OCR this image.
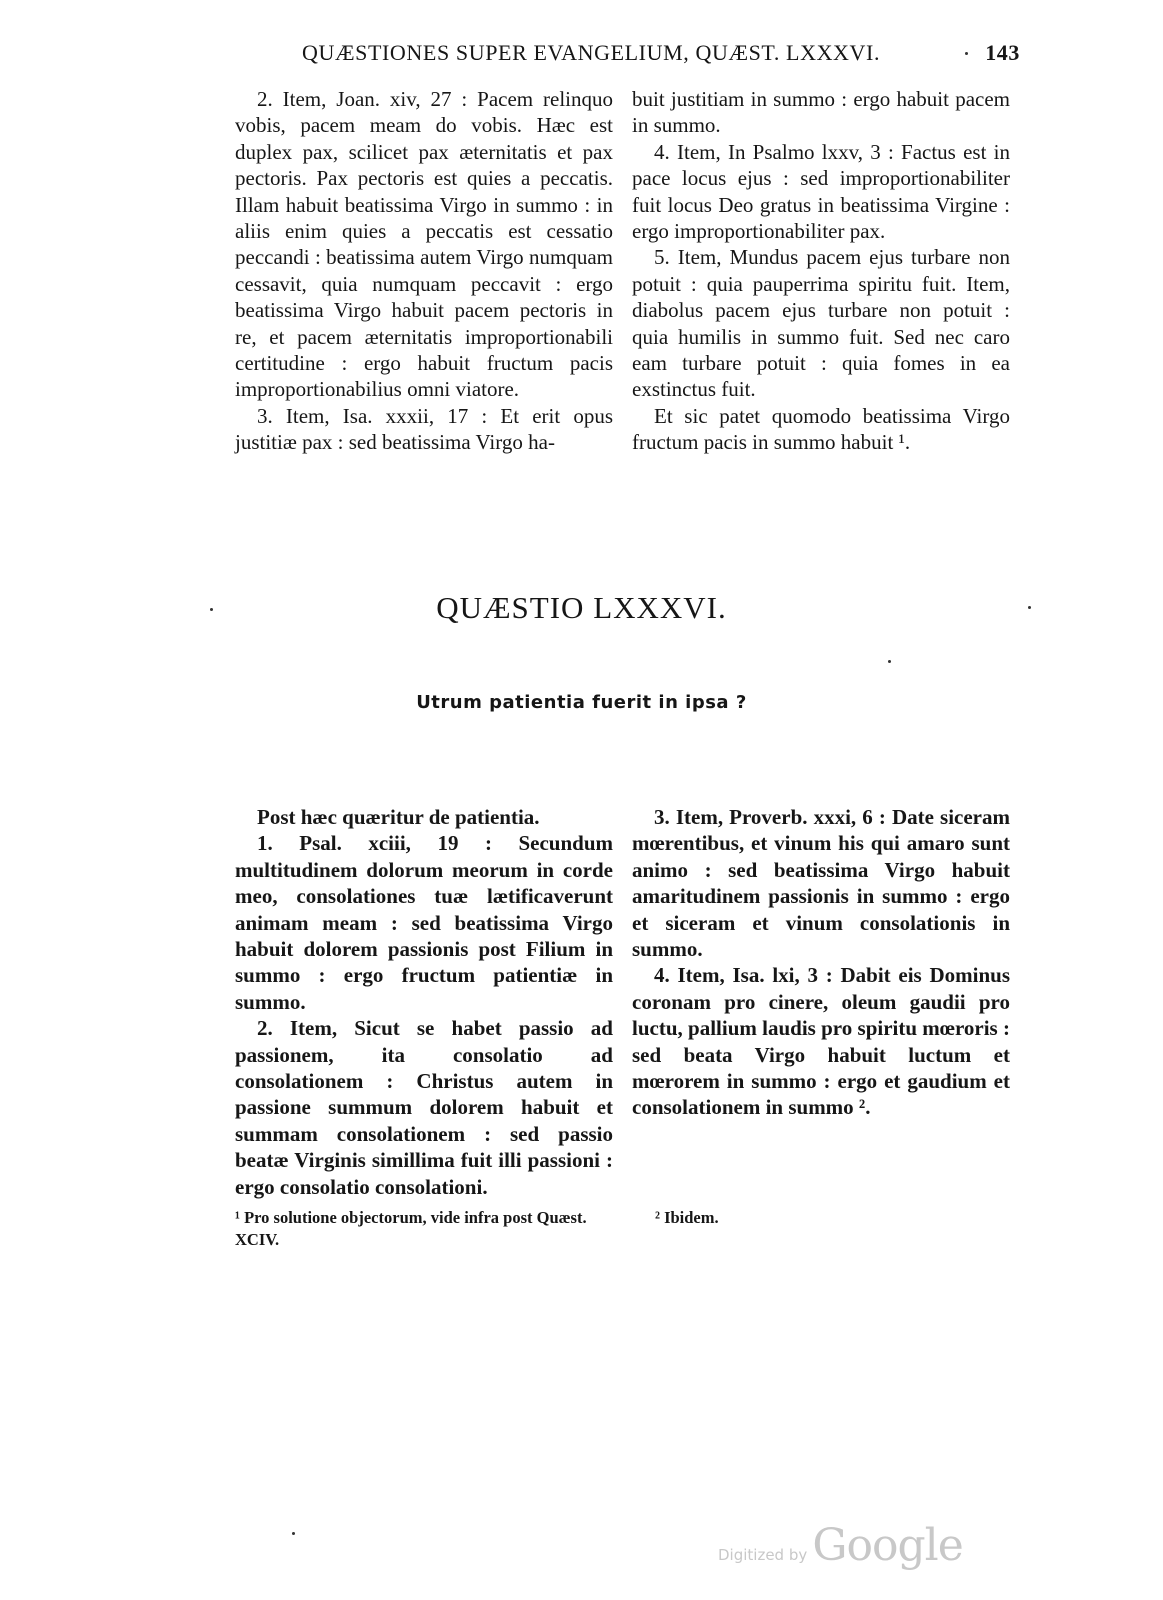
QUÆSTIONES SUPER EVANGELIUM, QUÆST. LXXXVI.	143

2. Item, Joan. xiv, 27 : Pacem relinquo vobis, pacem meam do vobis. Hæc est duplex pax, scilicet pax æternitatis et pax pectoris. Pax pectoris est quies a peccatis. Illam habuit beatissima Virgo in summo : in aliis enim quies a peccatis est cessatio peccandi : beatissima autem Virgo numquam cessavit, quia numquam peccavit : ergo beatissima Virgo habuit pacem pectoris in re, et pacem æternitatis improportionabili certitudine : ergo habuit fructum pacis improportionabilius omni viatore.

3. Item, Isa. xxxii, 17 : Et erit opus justitiæ pax : sed beatissima Virgo ha-

buit justitiam in summo : ergo habuit pacem in summo.

4. Item, In Psalmo lxxv, 3 : Factus est in pace locus ejus : sed improportionabiliter fuit locus Deo gratus in beatissima Virgine : ergo improportionabiliter pax.

5. Item, Mundus pacem ejus turbare non potuit : quia pauperrima spiritu fuit. Item, diabolus pacem ejus turbare non potuit : quia humilis in summo fuit. Sed nec caro eam turbare potuit : quia fomes in ea exstinctus fuit.

Et sic patet quomodo beatissima Virgo fructum pacis in summo habuit ¹.

QUÆSTIO LXXXVI.
Utrum patientia fuerit in ipsa ?

Post hæc quæritur de patientia.

1. Psal. xciii, 19 : Secundum multitudinem dolorum meorum in corde meo, consolationes tuæ lætificaverunt animam meam : sed beatissima Virgo habuit dolorem passionis post Filium in summo : ergo fructum patientiæ in summo.

2. Item, Sicut se habet passio ad passionem, ita consolatio ad consolationem : Christus autem in passione summum dolorem habuit et summam consolationem : sed passio beatæ Virginis simillima fuit illi passioni : ergo consolatio consolationi.

3. Item, Proverb. xxxi, 6 : Date siceram mœrentibus, et vinum his qui amaro sunt animo : sed beatissima Virgo habuit amaritudinem passionis in summo : ergo et siceram et vinum consolationis in summo.

4. Item, Isa. lxi, 3 : Dabit eis Dominus coronam pro cinere, oleum gaudii pro luctu, pallium laudis pro spiritu mœroris : sed beata Virgo habuit luctum et mœrorem in summo : ergo et gaudium et consolationem in summo ².

¹ Pro solutione objectorum, vide infra post Quæst. XCIV.

² Ibidem.
Digitized by Google
